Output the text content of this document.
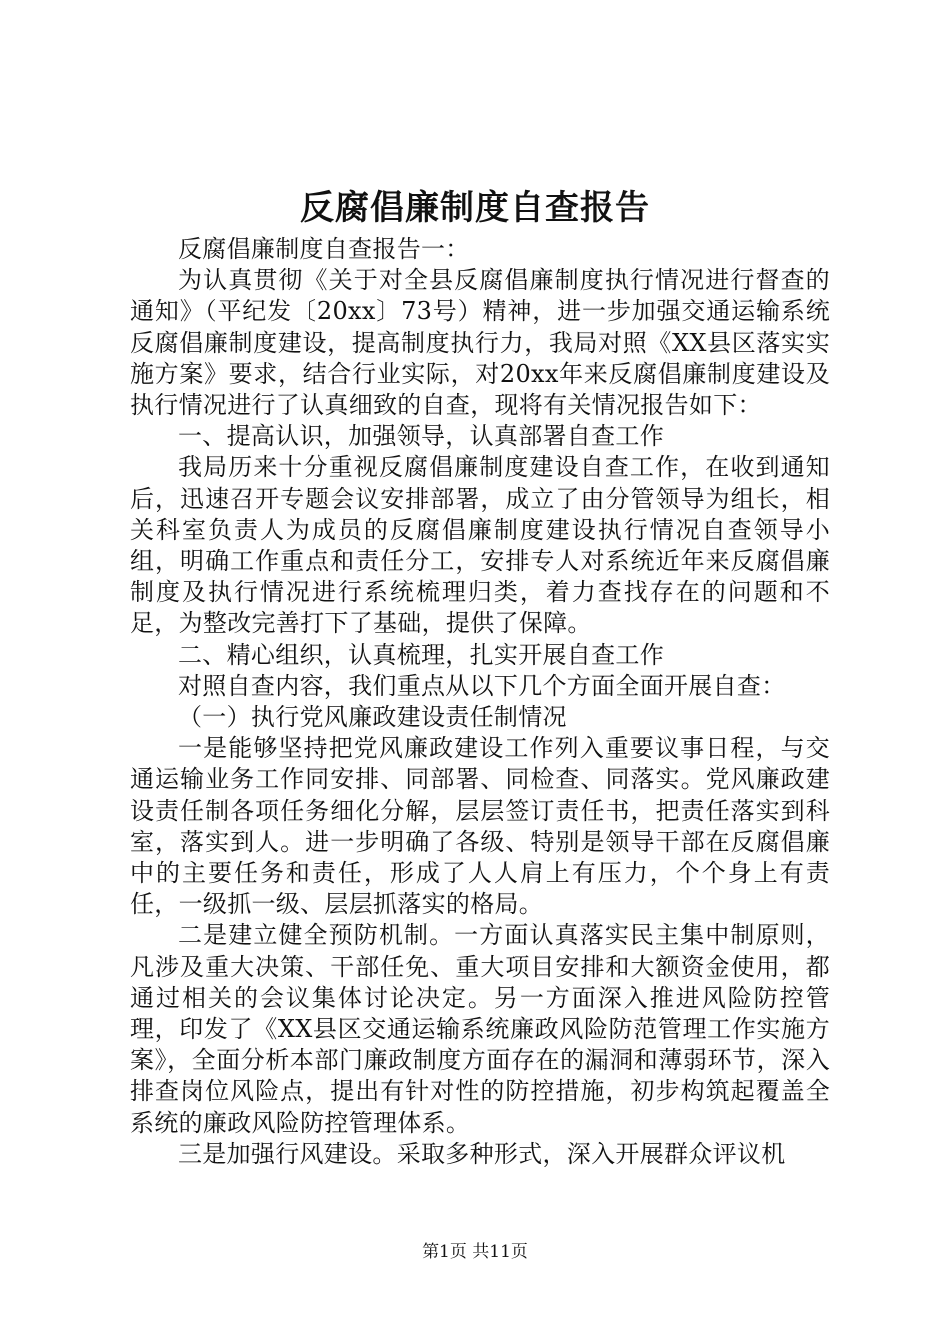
反腐倡廉制度自查报告

反腐倡廉制度自查报告一：

为认真贯彻《关于对全县反腐倡廉制度执行情况进行督查的通知》（平纪发〔20xx〕73号）精神，进一步加强交通运输系统反腐倡廉制度建设，提高制度执行力，我局对照《XX县区落实实施方案》要求，结合行业实际，对20xx年来反腐倡廉制度建设及执行情况进行了认真细致的自查，现将有关情况报告如下：

一、提高认识，加强领导，认真部署自查工作

我局历来十分重视反腐倡廉制度建设自查工作，在收到通知后，迅速召开专题会议安排部署，成立了由分管领导为组长，相关科室负责人为成员的反腐倡廉制度建设执行情况自查领导小组，明确工作重点和责任分工，安排专人对系统近年来反腐倡廉制度及执行情况进行系统梳理归类，着力查找存在的问题和不足，为整改完善打下了基础，提供了保障。

二、精心组织，认真梳理，扎实开展自查工作

对照自查内容，我们重点从以下几个方面全面开展自查：

（一）执行党风廉政建设责任制情况

一是能够坚持把党风廉政建设工作列入重要议事日程，与交通运输业务工作同安排、同部署、同检查、同落实。党风廉政建设责任制各项任务细化分解，层层签订责任书，把责任落实到科室，落实到人。进一步明确了各级、特别是领导干部在反腐倡廉中的主要任务和责任，形成了人人肩上有压力，个个身上有责任，一级抓一级、层层抓落实的格局。

二是建立健全预防机制。一方面认真落实民主集中制原则，凡涉及重大决策、干部任免、重大项目安排和大额资金使用，都通过相关的会议集体讨论决定。另一方面深入推进风险防控管理，印发了《XX县区交通运输系统廉政风险防范管理工作实施方案》，全面分析本部门廉政制度方面存在的漏洞和薄弱环节，深入排查岗位风险点，提出有针对性的防控措施，初步构筑起覆盖全系统的廉政风险防控管理体系。

三是加强行风建设。采取多种形式，深入开展群众评议机

第1页 共11页
